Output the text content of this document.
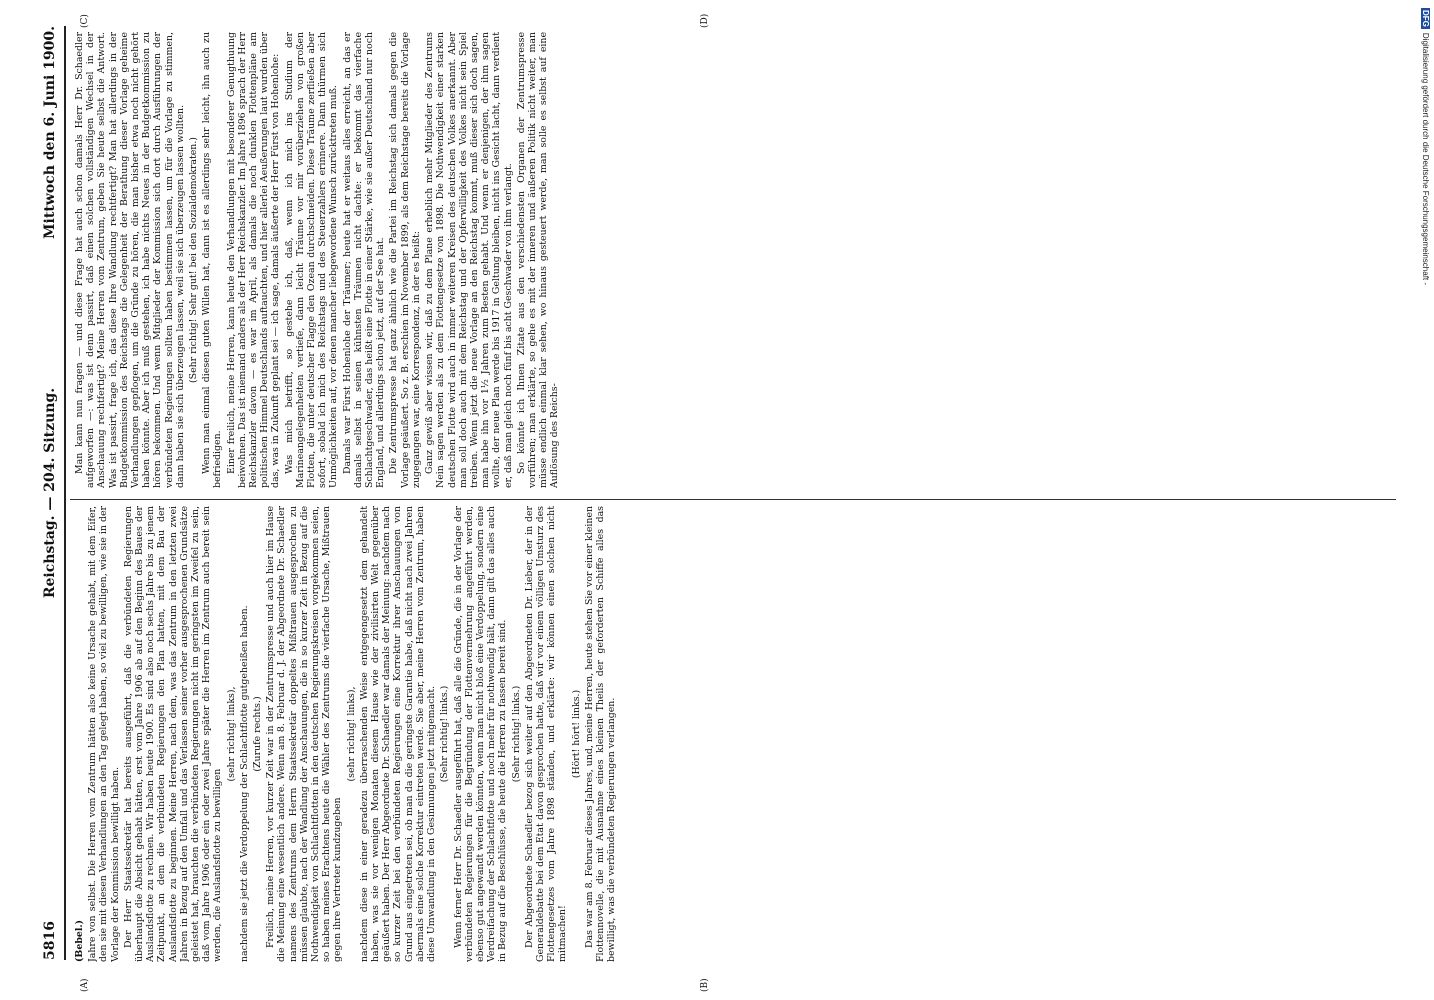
5816
Reichstag. — 204. Sitzung.
Mittwoch den 6. Juni 1900.
(A)	(B)
(C)	(D)

(Bebel.) Jahre von selbst. Die Herren vom Zentrum hätten also keine Ursache gehabt, mit dem Eifer, den sie mit diesen Verhandlungen an den Tag gelegt haben, so viel zu bewilligen, wie sie in der Vorlage der Kommission bewilligt haben. Der Herr Staatssekretär hat bereits ausgeführt, daß die verbündeten Regierungen überhaupt die Absicht gehabt hätten, erst vom Jahre 1906 ab auf den Beginn des Baues der Auslandsflotte zu rechnen. Wir haben heute 1900. Es sind also noch sechs Jahre bis zu jenem Zeitpunkt, an dem die verbündeten Regierungen den Plan hatten, mit dem Bau der Auslandsflotte zu beginnen. Meine Herren, nach dem, was das Zentrum in den letzten zwei Jahren in Bezug auf den Umfall und das Verlassen seiner vorher ausgesprochenen Grundsätze geleistet hat, brauchten die verbündeten Regierungen nicht im geringsten im Zweifel zu sein, daß vom Jahre 1906 oder ein oder zwei Jahre später die Herren im Zentrum auch bereit sein werden, die Auslandsflotte zu bewilligen

(sehr richtig! links), nachdem sie jetzt die Verdoppelung der Schlachtflotte gutgeheißen haben. (Zurufe rechts.) Freilich, meine Herren, vor kurzer Zeit war in der Zentrumspresse und auch hier im Hause die Meinung eine wesentlich andere. Wenn am 8. Februar d. J. der Abgeordnete Dr. Schaedler namens des Zentrums dem Herrn Staatssekretär doppeltes Mißtrauen ausgesprochen zu müssen glaubte, nach der Wandlung der Anschauungen, die in so kurzer Zeit in Bezug auf die Nothwendigkeit von Schlachtflotten in den deutschen Regierungskreisen vorgekommen seien, so haben meines Erachtens heute die Wähler des Zentrums die vierfache Ursache, Mißtrauen gegen ihre Vertreter kundzugeben

(sehr richtig! links), nachdem diese in einer geradezu überraschenden Weise entgegengesetzt dem gehandelt haben, was sie vor wenigen Monaten diesem Hause wie der zivilisirten Welt gegenüber geäußert haben. Der Herr Abgeordnete Dr. Schaedler war damals der Meinung: nachdem nach so kurzer Zeit bei den verbündeten Regierungen eine Korrektur ihrer Anschauungen von Grund aus eingetreten sei, ob man da die geringste Garantie habe, daß nicht nach zwei Jahren abermals eine solche Korrektur eintreten werde. Sie aber, meine Herren vom Zentrum, haben diese Umwandlung in den Gesinnungen jetzt mitgemacht. (Sehr richtig! links.) Wenn ferner Herr Dr. Schaedler ausgeführt hat, daß alle die Gründe, die in der Vorlage der verbündeten Regierungen für die Begründung der Flottenvermehrung angeführt werden, ebenso gut angewandt werden könnten, wenn man nicht bloß eine Verdoppelung, sondern eine Verdreifachung der Schlachtflotte und noch mehr für nothwendig hält, dann gilt das alles auch in Bezug auf die Beschlüsse, die heute die Herren zu fassen bereit sind. (Sehr richtig! links.) Der Abgeordnete Schaedler bezog sich weiter auf den Abgeordneten Dr. Lieber, der in der Generaldebatte bei dem Etat davon gesprochen hatte, daß wir vor einem völligen Umsturz des Flottengesetzes vom Jahre 1898 ständen, und erklärte: wir können einen solchen nicht mitmachen!

(Hört! hört! links.) Das war am 8. Februar dieses Jahres, und, meine Herren, heute stehen Sie vor einer kleinen Flottennovelle, die mit Ausnahme eines kleinen Theils der geforderten Schiffe alles das bewilligt, was die verbündeten Regierungen verlangen.

Man kann nun fragen — und diese Frage hat auch schon damals Herr Dr. Schaedler aufgeworfen —: was ist denn passirt, daß einen solchen vollständigen Wechsel in der Anschauung rechtfertigt? Meine Herren vom Zentrum, geben Sie heute selbst die Antwort. Was ist passirt, frage ich, das diese Ihre Wandlung rechtfertigt? Man hat allerdings in der Budgetkommission des Reichstags die Gelegenheit der Berathung dieser Vorlage geheime Verhandlungen gepflogen, um die Gründe zu hören, die man bisher etwa noch nicht gehört haben könnte. Aber ich muß gestehen, ich habe nichts Neues in der Budgetkommission zu hören bekommen. Und wenn Mitglieder der Kommission sich dort durch Ausführungen der verbündeten Regierungen sollten haben bestimmen lassen, um für die Vorlage zu stimmen, dann haben sie sich überzeugen lassen, weil sie sich überzeugen lassen wollten. (Sehr richtig! Sehr gut! bei den Sozialdemokraten.) Wenn man einmal diesen guten Willen hat, dann ist es allerdings sehr leicht, ihn auch zu befriedigen. Einer freilich, meine Herren, kann heute den Verhandlungen mit besonderer Genugthuung beiwohnen. Das ist niemand anders als der Herr Reichskanzler. Im Jahre 1896 sprach der Herr Reichskanzler davon — es war im April, als damals die noch dunklen Flottenpläne am politischen Himmel Deutschlands auftauchten, und hier allerlei Aeußerungen laut wurden über das, was in Zukunft geplant sei — ich sage, damals äußerte der Herr Fürst von Hohenlohe: Was mich betrifft, so gestehe ich, daß, wenn ich mich ins Studium der Marineangelegenheiten vertiefe, dann leicht Träume vor mir vorüberziehen von großen Flotten, die unter deutscher Flagge den Ozean durchschneiden. Diese Träume zerfließen aber sofort, sobald ich mich des Reichstags und des Steuerzahlers erinnere. Dann thürmen sich Unmöglichkeiten auf, vor denen mancher liebgewordene Wunsch zurücktreten muß. Damals war Fürst Hohenlohe der Träumer; heute hat er weitaus alles erreicht, an das er damals selbst in seinen kühnsten Träumen nicht dachte: er bekommt das vierfache Schlachtgeschwader, das heißt eine Flotte in einer Stärke, wie sie außer Deutschland nur noch England, und allerdings schon jetzt, auf der See hat. Die Zentrumspresse hat ganz ähnlich wie die Partei im Reichstag sich damals gegen die Vorlage geäußert. So z. B. erschien im November 1899, als dem Reichstage bereits die Vorlage zugegangen war, eine Korrespondenz, in der es heißt: Ganz gewiß aber wissen wir, daß zu dem Plane erheblich mehr Mitglieder des Zentrums Nein sagen werden als zu dem Flottengesetze von 1898. Die Nothwendigkeit einer starken deutschen Flotte wird auch in immer weiteren Kreisen des deutschen Volkes anerkannt. Aber man soll doch auch mit dem Reichstag und der Opferwilligkeit des Volkes nicht sein Spiel treiben. Wenn jetzt die neue Vorlage an den Reichstag kommt, muß dieser sich doch sagen, man habe ihn vor 1½ Jahren zum Besten gehabt. Und wenn er denjenigen, der ihm sagen wollte, der neue Plan werde bis 1917 in Geltung bleiben, nicht ins Gesicht lacht, dann verdient er, daß man gleich noch fünf bis acht Geschwader von ihm verlangt. So könnte ich Ihnen Zitate aus den verschiedensten Organen der Zentrumspresse vorführen; man erklärte, so gehe es mit der inneren und äußeren Politik nicht weiter, man müsse endlich einmal klar sehen, wo hinaus gesteuert werde, man solle es selbst auf eine Auflösung des Reichs-

DFGDigitalisierung gefördert durch die Deutsche Forschungsgemeinschaft -
